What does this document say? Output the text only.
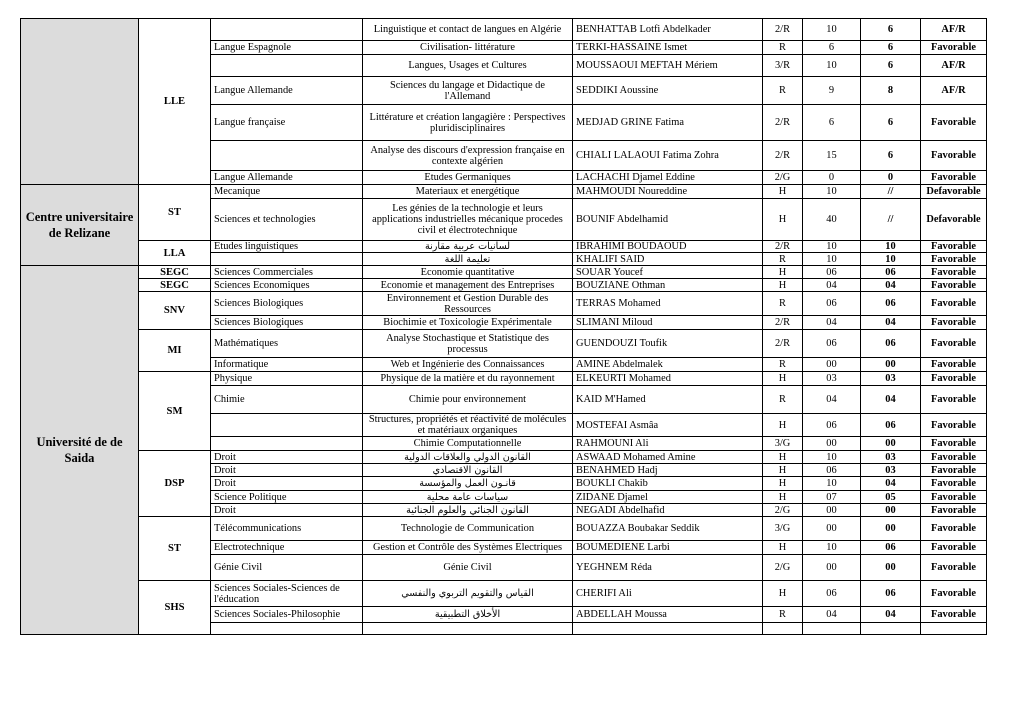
	LLE		Linguistique et contact de langues en Algérie	BENHATTAB Lotfi Abdelkader	2/R	10	6	AF/R
		Langue Espagnole	Civilisation- littérature	TERKI-HASSAINE Ismet	R	6	6	Favorable
			Langues, Usages et Cultures	MOUSSAOUI MEFTAH Mériem	3/R	10	6	AF/R
		Langue Allemande	Sciences du langage et Didactique de l'Allemand	SEDDIKI Aoussine	R	9	8	AF/R
		Langue française	Littérature et création langagière : Perspectives pluridisciplinaires	MEDJAD GRINE Fatima	2/R	6	6	Favorable
			Analyse des discours d'expression française en contexte algérien	CHIALI LALAOUI Fatima Zohra	2/R	15	6	Favorable
		Langue Allemande	Etudes Germaniques	LACHACHI Djamel Eddine	2/G	0	0	Favorable
Centre universitaire de Relizane	ST	Mecanique	Materiaux et energétique	MAHMOUDI Noureddine	H	10	//	Defavorable
		Sciences et technologies	Les génies de la technologie et leurs applications industrielles mécanique procedes civil et électrotechnique	BOUNIF Abdelhamid	H	40	//	Defavorable
	LLA	Etudes linguistiques	لسانيات عربية مقارنة	IBRAHIMI BOUDAOUD	2/R	10	10	Favorable
			تعليمة اللغة	KHALIFI SAID	R	10	10	Favorable
Université de de Saida	SEGC	Sciences Commerciales	Economie quantitative	SOUAR Youcef	H	06	06	Favorable
	SEGC	Sciences Economiques	Economie et management des Entreprises	BOUZIANE Othman	H	04	04	Favorable
	SNV	Sciences Biologiques	Environnement et Gestion Durable des Ressources	TERRAS Mohamed	R	06	06	Favorable
		Sciences Biologiques	Biochimie et Toxicologie Expérimentale	SLIMANI Miloud	2/R	04	04	Favorable
	MI	Mathématiques	Analyse Stochastique et Statistique des processus	GUENDOUZI Toufik	2/R	06	06	Favorable
		Informatique	Web et Ingénierie des Connaissances	AMINE Abdelmalek	R	00	00	Favorable
	SM	Physique	Physique de la matière et du rayonnement	ELKEURTI Mohamed	H	03	03	Favorable
		Chimie	Chimie pour environnement	KAID M'Hamed	R	04	04	Favorable
			Structures, propriétés et réactivité de molécules et matériaux organiques	MOSTEFAI Asmâa	H	06	06	Favorable
			Chimie Computationnelle	RAHMOUNI Ali	3/G	00	00	Favorable
	DSP	Droit	القانون الدولي والعلاقات الدولية	ASWAAD Mohamed Amine	H	10	03	Favorable
		Droit	القانون الاقتصادي	BENAHMED Hadj	H	06	03	Favorable
		Droit	قانـون العمل والمؤسسة	BOUKLI Chakib	H	10	04	Favorable
		Science Politique	سياسات عامة محلية	ZIDANE Djamel	H	07	05	Favorable
		Droit	القانون الجنائي والعلوم الجنائية	NEGADI Abdelhafid	2/G	00	00	Favorable
	ST	Télécommunications	Technologie de Communication	BOUAZZA Boubakar Seddik	3/G	00	00	Favorable
		Electrotechnique	Gestion et Contrôle des Systèmes Electriques	BOUMEDIENE Larbi	H	10	06	Favorable
		Génie Civil	Génie Civil	YEGHNEM Réda	2/G	00	00	Favorable
	SHS	Sciences Sociales-Sciences de l'éducation	القياس والتقويم التربوي والنفسي	CHERIFI Ali	H	06	06	Favorable
		Sciences Sociales-Philosophie	الأخلاق التطبيقية	ABDELLAH Moussa	R	04	04	Favorable
